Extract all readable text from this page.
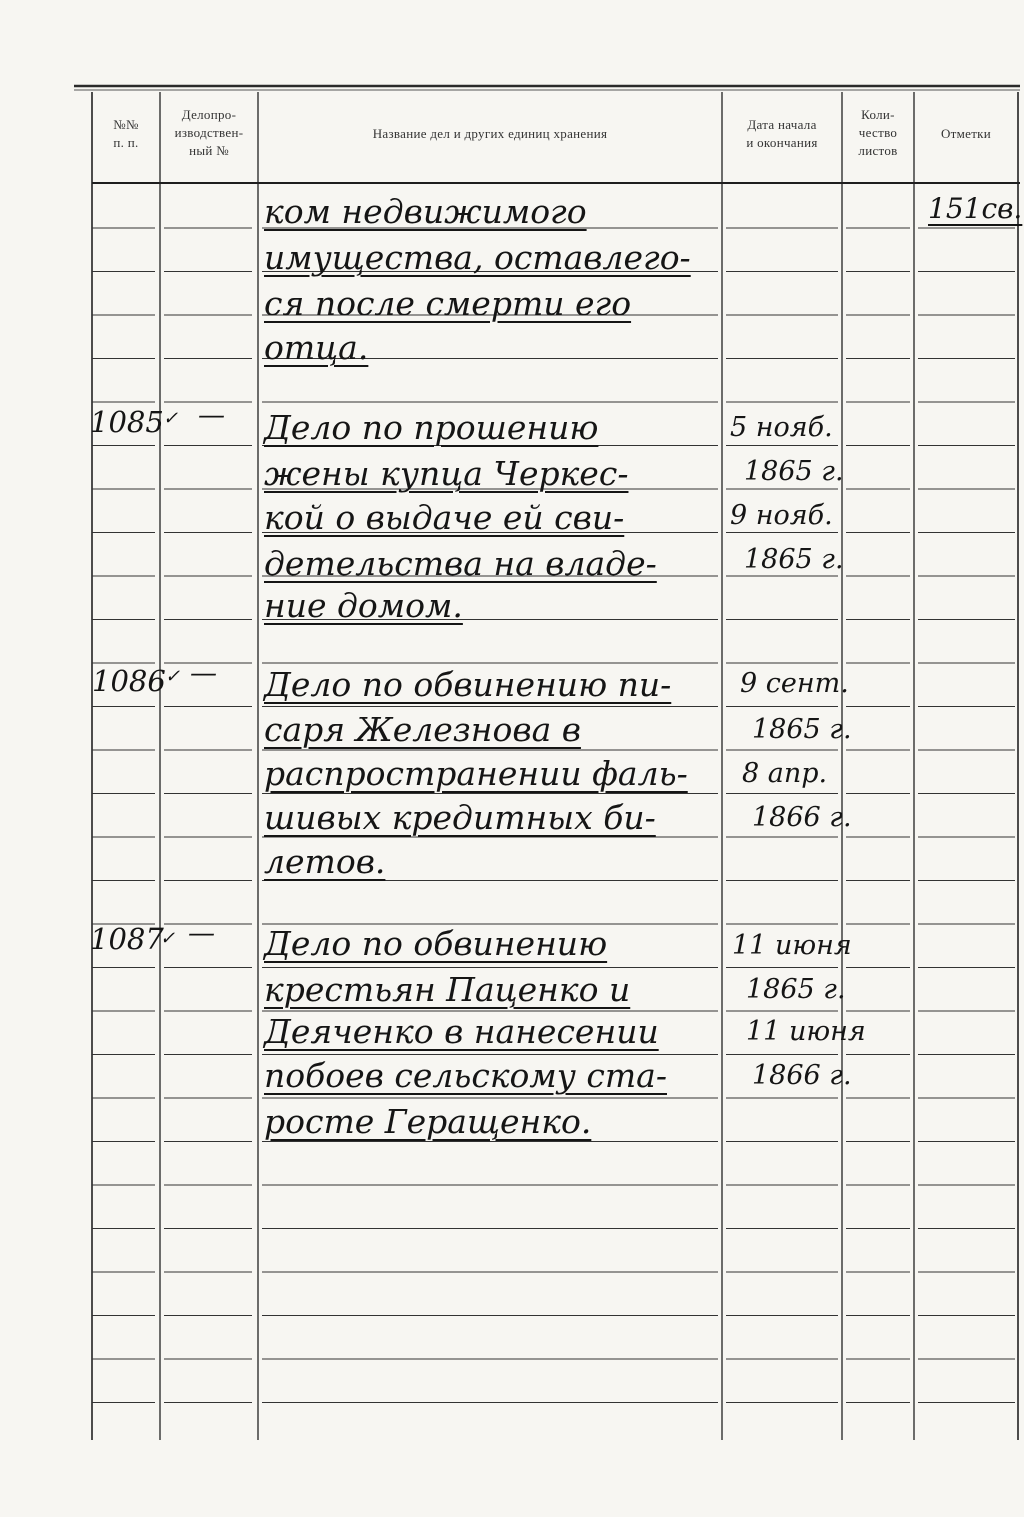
№№
п. п.
Делопро-
изводствен-
ный №
Название дел и других единиц хранения
Дата начала
и окончания
Коли-
чество
листов
Отметки
ком недвижимого
имущества, оставлего-
ся после смерти его
отца.
151св.
1085 ✓ — Дело по прошению
жены купца Черкес-
кой о выдаче ей сви-
детельства на владе-
ние домом.
5 нояб.
1865 г.
9 нояб.
1865 г.
1086 ✓ — Дело по обвинению пи-
саря Железнова в
распространении фаль-
шивых кредитных би-
летов.
9 сент.
1865 г.
8 апр.
1866 г.
1087
✓ — Дело по обвинению
крестьян Паценко и
Деяченко в нанесении
побоев сельскому ста-
росте Геращенко.
11 июня
1865 г.
11 июня
1866 г.
